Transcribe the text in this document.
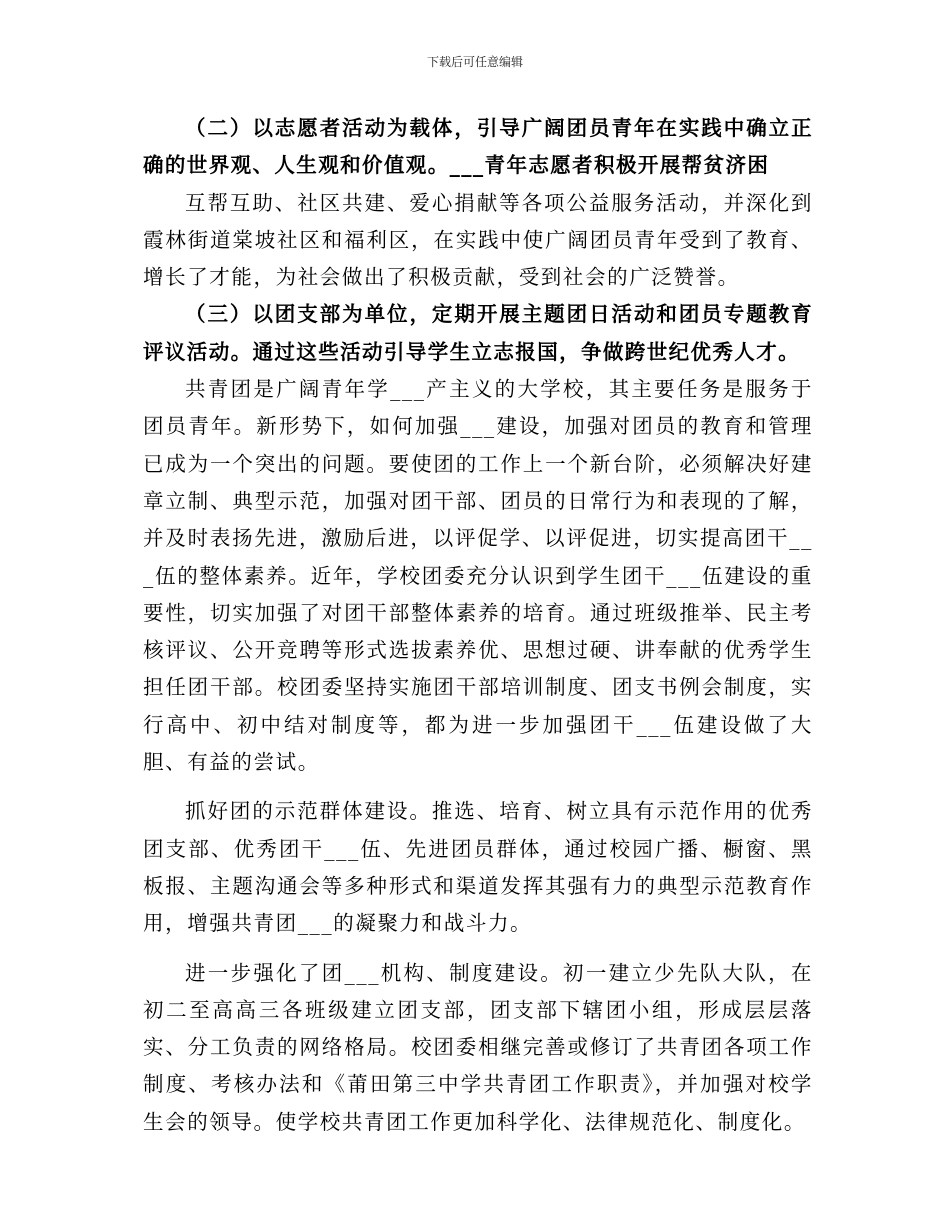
下载后可任意编辑

（二）以志愿者活动为载体，引导广阔团员青年在实践中确立正确的世界观、人生观和价值观。___青年志愿者积极开展帮贫济困

互帮互助、社区共建、爱心捐献等各项公益服务活动，并深化到霞林街道棠坡社区和福利区，在实践中使广阔团员青年受到了教育、增长了才能，为社会做出了积极贡献，受到社会的广泛赞誉。

（三）以团支部为单位，定期开展主题团日活动和团员专题教育评议活动。通过这些活动引导学生立志报国，争做跨世纪优秀人才。

共青团是广阔青年学___产主义的大学校，其主要任务是服务于团员青年。新形势下，如何加强___建设，加强对团员的教育和管理已成为一个突出的问题。要使团的工作上一个新台阶，必须解决好建章立制、典型示范，加强对团干部、团员的日常行为和表现的了解，并及时表扬先进，激励后进，以评促学、以评促进，切实提高团干___伍的整体素养。近年，学校团委充分认识到学生团干___伍建设的重要性，切实加强了对团干部整体素养的培育。通过班级推举、民主考核评议、公开竞聘等形式选拔素养优、思想过硬、讲奉献的优秀学生担任团干部。校团委坚持实施团干部培训制度、团支书例会制度，实行高中、初中结对制度等，都为进一步加强团干___伍建设做了大胆、有益的尝试。

抓好团的示范群体建设。推选、培育、树立具有示范作用的优秀团支部、优秀团干___伍、先进团员群体，通过校园广播、橱窗、黑板报、主题沟通会等多种形式和渠道发挥其强有力的典型示范教育作用，增强共青团___的凝聚力和战斗力。

进一步强化了团___机构、制度建设。初一建立少先队大队，在初二至高高三各班级建立团支部，团支部下辖团小组，形成层层落实、分工负责的网络格局。校团委相继完善或修订了共青团各项工作制度、考核办法和《莆田第三中学共青团工作职责》，并加强对校学生会的领导。使学校共青团工作更加科学化、法律规范化、制度化。
